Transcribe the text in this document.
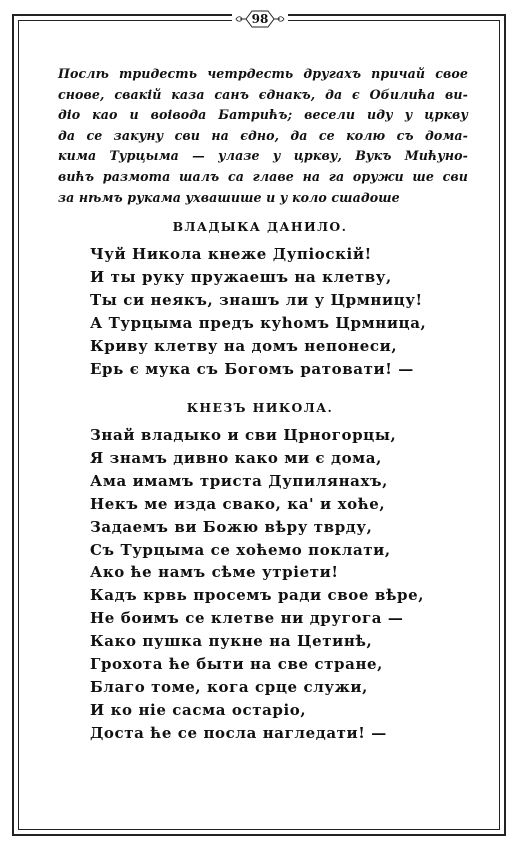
98
Послѣ тридесть четрдесть другахъ причай свое
снове, свакій каза санъ єднакъ, да є Обилића ви-
діо као и воівода Батрићъ; весели иду у цркву
да се закуну сви на єдно, да се колю съ дома-
кима Турцыма — улазе у цркву, Вукъ Мићуно-
вићъ размота шалъ са главе на га оружи ше сви
за нѣмъ рукама ухвашише и у коло сшадоше
ВЛАДЫКА ДАНИЛО.
Чуй Никола кнеже Дупіоскій!
И ты руку пружаешъ на клетву,
Ты си неякъ, знашъ ли у Црмницу!
А Турцыма предъ куһомъ Црмница,
Криву клетву на домъ непонеси,
Ерь є мука съ Богомъ ратовати! —
КНЕЗЪ НИКОЛА.
Знай владыко и сви Црногорцы,
Я знамъ дивно како ми є дома,
Ама имамъ триста Дупилянахъ,
Некъ ме изда свако, ка' и хоће,
Задаемъ ви Божю вѣру тврду,
Съ Турцыма се хоћемо поклати,
Ако ћe намъ сѣме утріети!
Кадъ крвь просемъ ради свое вѣре,
Не боимъ се клетве ни другога —
Како пушка пукне на Цетинѣ,
Грохота ће быти на све стране,
Благо томе, кога срце служи,
И ко ніе сасма остаріо,
Доста ће се посла нагледати! —
